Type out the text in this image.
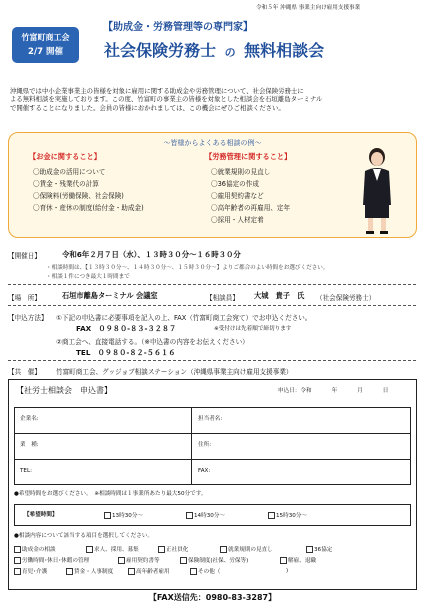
令和５年 沖縄県 事業主向け雇用支援事業
竹富町商工会
2/7 開催
【助成金・労務管理等の専門家】
社会保険労務士 の 無料相談会
沖縄県では中小企業事業主の皆様を対象に雇用に関する助成金や労務管理について、社会保険労務士に
よる無料相談を実施しております。この度、竹富町の事業主の皆様を対象とした相談会を石垣離島ターミナル
で開催することになりました。会員の皆様におかれましては、この機会にぜひご相談ください。
～皆様からよくある相談の例～
【お金に関すること】
〇助成金の活用について
〇賃金・残業代の計算
〇保険料(労働保険、社会保険)
〇育休・産休の制度(給付金・助成金)
【労務管理に関すること】
〇就業規則の見直し
〇36協定の作成
〇雇用契約書など
〇高年齢者の再雇用、定年
〇採用・人材定着
【開催日】	令和6年２月７日（水）、１３時３０分～１６時３０分
・相談時間は、【１３時３０分～、１４時３０分～、１５時３０分～】よりご都合のよい時間をお選びください。
・相談１件につき最大１時間まで
【場　所】	石垣市離島ターミナル 会議室	【相談員】 大城　貴子　氏 （社会保険労務士）
【申込方法】 ①下記の申込書に必要事項を記入の上、FAX（竹富町商工会宛て）でお申込ください。
FAX　０９８０-８３-３２８７	※受付けは先着順で締切ります
②商工会へ、直接電話する。（※申込書の内容をお伝えください）
TEL　０９８０-８２-５６１６
【共　催】 竹富町商工会、グッジョブ相談ステーション（沖縄県事業主向け雇用支援事業）
【社労士相談会　申込書】	申込日：令和	年	月	日
企業名:	担当者名:
業　種:	住所:
TEL:	FAX:
●希望時間をお選びください。　※相談時間は１事業所あたり最大50分です。
【希望時間】	13時30分～	14時30分～	15時30分～
●相談内容について該当する項目を選択してください。
助成金の相談	求人、採用、募集	正社員化	就業規則の見直し	36協定
労働時間･休日･休暇の管理	雇用契約書等	保険制度(社保、労保等)	解雇、退職
育児･介護	賃金・人事制度	高年齢者雇用	その他（	)
【FAX送信先：0980-83-3287】
